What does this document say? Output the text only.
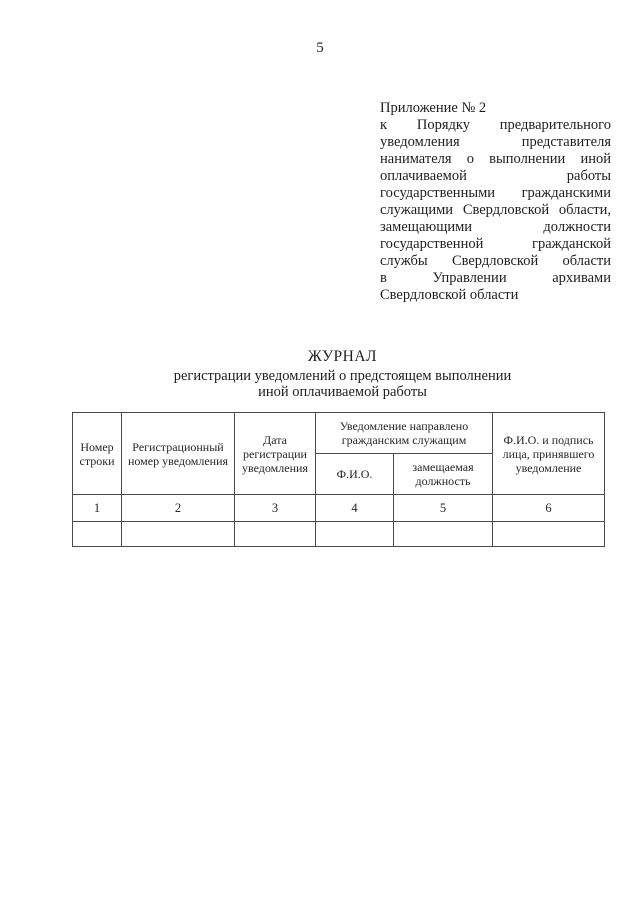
5
Приложение № 2
к Порядку предварительного
уведомления	представителя
нанимателя о выполнении иной
оплачиваемой	работы
государственными гражданскими
служащими Свердловской области,
замещающими	должности
государственной	гражданской
службы Свердловской области
в	Управлении	архивами
Свердловской области
ЖУРНАЛ
регистрации уведомлений о предстоящем выполнении
иной оплачиваемой работы
Номер строки	Регистрационный номер уведомления	Дата регистрации уведомления	Уведомление направлено гражданским служащим		Ф.И.О. и подпись лица, принявшего уведомление
			Ф.И.О.	замещаемая должность	
1	2	3	4	5	6
